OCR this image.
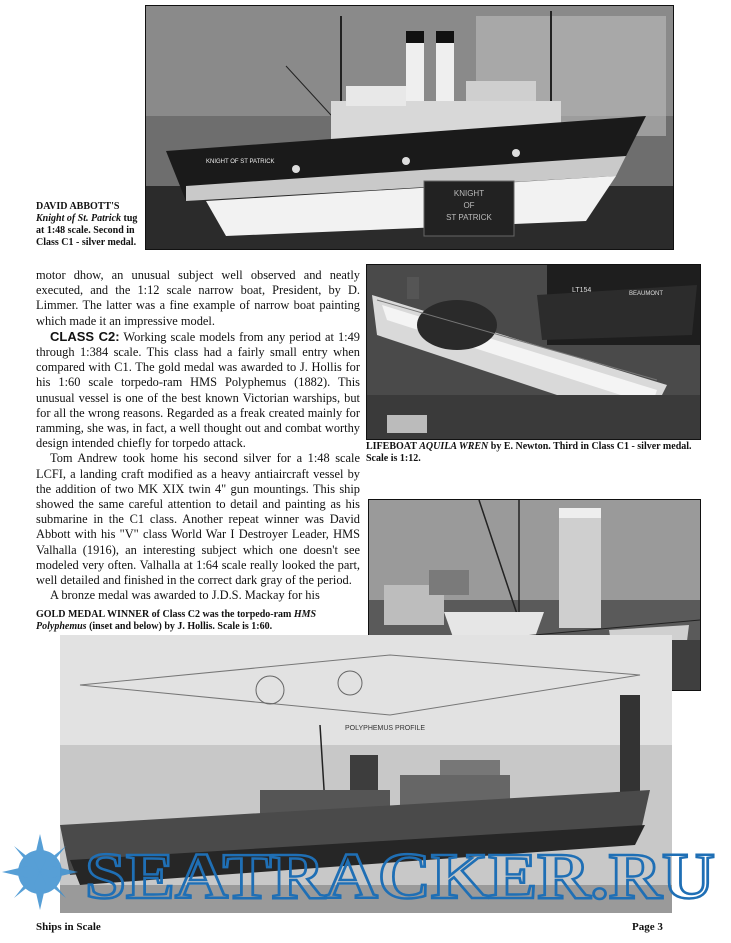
KNIGHT OF ST PATRICK
KNIGHT
OF
ST PATRICK
DAVID ABBOTT'S
Knight of St. Patrick tug at 1:48 scale. Second in Class C1 - silver medal.

motor dhow, an unusual subject well observed and neatly executed, and the 1:12 scale narrow boat, President, by D. Limmer. The latter was a fine example of narrow boat painting which made it an impressive model.

CLASS C2: Working scale models from any period at 1:49 through 1:384 scale. This class had a fairly small entry when compared with C1. The gold medal was awarded to J. Hollis for his 1:60 scale torpedo-ram HMS Polyphemus (1882). This unusual vessel is one of the best known Victorian warships, but for all the wrong reasons. Regarded as a freak created mainly for ramming, she was, in fact, a well thought out and combat worthy design intended chiefly for torpedo attack.

Tom Andrew took home his second silver for a 1:48 scale LCFI, a landing craft modified as a heavy antiaircraft vessel by the addition of two MK XIX twin 4" gun mountings. This ship showed the same careful attention to detail and painting as his submarine in the C1 class. Another repeat winner was David Abbott with his "V" class World War I Destroyer Leader, HMS Valhalla (1916), an interesting subject which one doesn't see modeled very often. Valhalla at 1:64 scale really looked the part, well detailed and finished in the correct dark gray of the period.

A bronze medal was awarded to J.D.S. Mackay for his

LT154	BEAUMONT
LIFEBOAT AQUILA WREN by E. Newton. Third in Class C1 - silver medal. Scale is 1:12.
GOLD MEDAL WINNER of Class C2 was the torpedo-ram HMS Polyphemus (inset and below) by J. Hollis. Scale is 1:60.
POLYPHEMUS PROFILE
SEATRACKER.RU
Ships in Scale	Page 3
